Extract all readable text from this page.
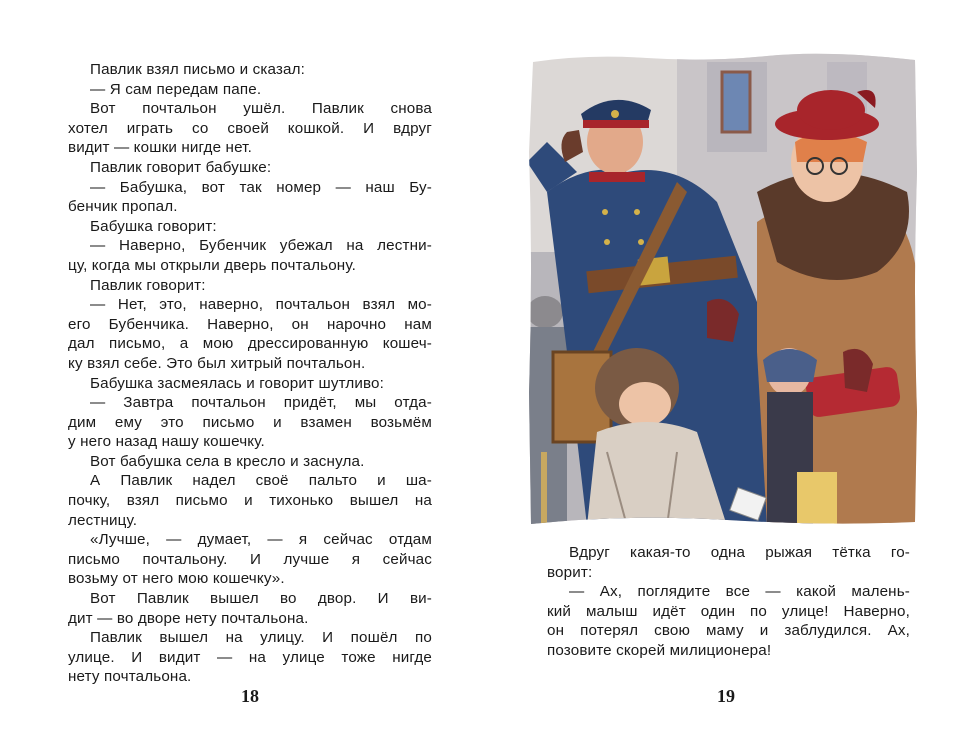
Павлик взял письмо и сказал:
— Я сам передам папе.
Вот почтальон ушёл. Павлик снова
хотел играть со своей кошкой. И вдруг
видит — кошки нигде нет.
Павлик говорит бабушке:
— Бабушка, вот так номер — наш Бу-
бенчик пропал.
Бабушка говорит:
— Наверно, Бубенчик убежал на лестни-
цу, когда мы открыли дверь почтальону.
Павлик говорит:
— Нет, это, наверно, почтальон взял мо-
его Бубенчика. Наверно, он нарочно нам
дал письмо, а мою дрессированную кошеч-
ку взял себе. Это был хитрый почтальон.
Бабушка засмеялась и говорит шутливо:
— Завтра почтальон придёт, мы отда-
дим ему это письмо и взамен возьмём
у него назад нашу кошечку.
Вот бабушка села в кресло и заснула.
А Павлик надел своё пальто и ша-
почку, взял письмо и тихонько вышел на
лестницу.
«Лучше, — думает, — я сейчас отдам
письмо почтальону. И лучше я сейчас
возьму от него мою кошечку».
Вот Павлик вышел во двор. И ви-
дит — во дворе нету почтальона.
Павлик вышел на улицу. И пошёл по
улице. И видит — на улице тоже нигде
нету почтальона.
18
Вдруг какая-то одна рыжая тётка го-
ворит:
— Ах, поглядите все — какой малень-
кий малыш идёт один по улице! Наверно,
он потерял свою маму и заблудился. Ах,
позовите скорей милиционера!
19
